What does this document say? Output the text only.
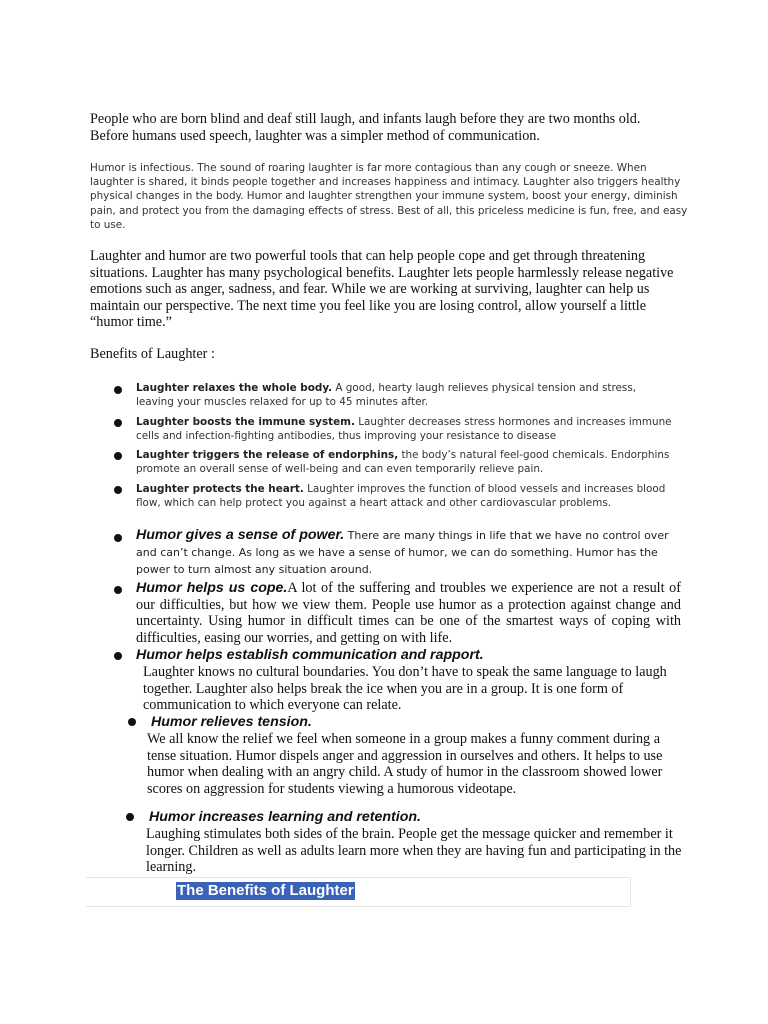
People who are born blind and deaf still laugh, and infants laugh before they are two months old. Before humans used speech, laughter was a simpler method of communication.

Humor is infectious. The sound of roaring laughter is far more contagious than any cough or sneeze. When laughter is shared, it binds people together and increases happiness and intimacy. Laughter also triggers healthy physical changes in the body. Humor and laughter strengthen your immune system, boost your energy, diminish pain, and protect you from the damaging effects of stress. Best of all, this priceless medicine is fun, free, and easy to use.

Laughter and humor are two powerful tools that can help people cope and get through threatening situations. Laughter has many psychological benefits. Laughter lets people harmlessly release negative emotions such as anger, sadness, and fear. While we are working at surviving, laughter can help us maintain our perspective. The next time you feel like you are losing control, allow yourself a little “humor time.”

Benefits of Laughter :
Laughter relaxes the whole body. A good, hearty laugh relieves physical tension and stress, leaving your muscles relaxed for up to 45 minutes after.
Laughter boosts the immune system. Laughter decreases stress hormones and increases immune cells and infection-fighting antibodies, thus improving your resistance to disease
Laughter triggers the release of endorphins, the body’s natural feel-good chemicals. Endorphins promote an overall sense of well-being and can even temporarily relieve pain.
Laughter protects the heart. Laughter improves the function of blood vessels and increases blood flow, which can help protect you against a heart attack and other cardiovascular problems.
Humor gives a sense of power. There are many things in life that we have no control over and can’t change. As long as we have a sense of humor, we can do something. Humor has the power to turn almost any situation around.
Humor helps us cope.A lot of the suffering and troubles we experience are not a result of our difficulties, but how we view them. People use humor as a protection against change and uncertainty. Using humor in difficult times can be one of the smartest ways of coping with difficulties, easing our worries, and getting on with life.
Humor helps establish communication and rapport.
Laughter knows no cultural boundaries. You don’t have to speak the same language to laugh together. Laughter also helps break the ice when you are in a group. It is one form of communication to which everyone can relate.
Humor relieves tension.
We all know the relief we feel when someone in a group makes a funny comment during a tense situation. Humor dispels anger and aggression in ourselves and others. It helps to use humor when dealing with an angry child. A study of humor in the classroom showed lower scores on aggression for students viewing a humorous videotape.
Humor increases learning and retention.
Laughing stimulates both sides of the brain. People get the message quicker and remember it longer. Children as well as adults learn more when they are having fun and participating in the learning.
The Benefits of Laughter
